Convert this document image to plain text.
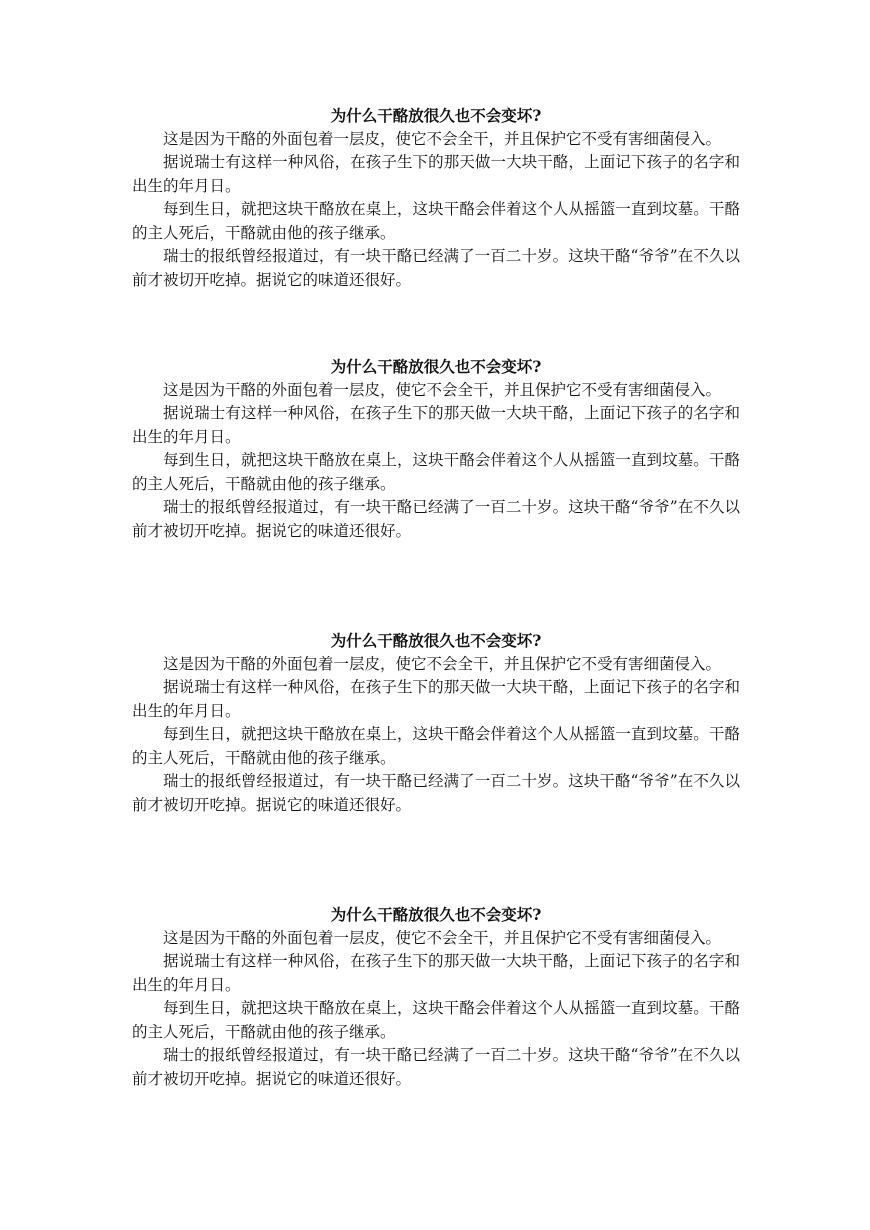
为什么干酪放很久也不会变坏?

这是因为干酪的外面包着一层皮，使它不会全干，并且保护它不受有害细菌侵入。

据说瑞士有这样一种风俗，在孩子生下的那天做一大块干酪，上面记下孩子的名字和出生的年月日。

每到生日，就把这块干酪放在桌上，这块干酪会伴着这个人从摇篮一直到坟墓。干酪的主人死后，干酪就由他的孩子继承。

瑞士的报纸曾经报道过，有一块干酪已经满了一百二十岁。这块干酪“爷爷”在不久以前才被切开吃掉。据说它的味道还很好。

为什么干酪放很久也不会变坏?

这是因为干酪的外面包着一层皮，使它不会全干，并且保护它不受有害细菌侵入。

据说瑞士有这样一种风俗，在孩子生下的那天做一大块干酪，上面记下孩子的名字和出生的年月日。

每到生日，就把这块干酪放在桌上，这块干酪会伴着这个人从摇篮一直到坟墓。干酪的主人死后，干酪就由他的孩子继承。

瑞士的报纸曾经报道过，有一块干酪已经满了一百二十岁。这块干酪“爷爷”在不久以前才被切开吃掉。据说它的味道还很好。

为什么干酪放很久也不会变坏?

这是因为干酪的外面包着一层皮，使它不会全干，并且保护它不受有害细菌侵入。

据说瑞士有这样一种风俗，在孩子生下的那天做一大块干酪，上面记下孩子的名字和出生的年月日。

每到生日，就把这块干酪放在桌上，这块干酪会伴着这个人从摇篮一直到坟墓。干酪的主人死后，干酪就由他的孩子继承。

瑞士的报纸曾经报道过，有一块干酪已经满了一百二十岁。这块干酪“爷爷”在不久以前才被切开吃掉。据说它的味道还很好。

为什么干酪放很久也不会变坏?

这是因为干酪的外面包着一层皮，使它不会全干，并且保护它不受有害细菌侵入。

据说瑞士有这样一种风俗，在孩子生下的那天做一大块干酪，上面记下孩子的名字和出生的年月日。

每到生日，就把这块干酪放在桌上，这块干酪会伴着这个人从摇篮一直到坟墓。干酪的主人死后，干酪就由他的孩子继承。

瑞士的报纸曾经报道过，有一块干酪已经满了一百二十岁。这块干酪“爷爷”在不久以前才被切开吃掉。据说它的味道还很好。
